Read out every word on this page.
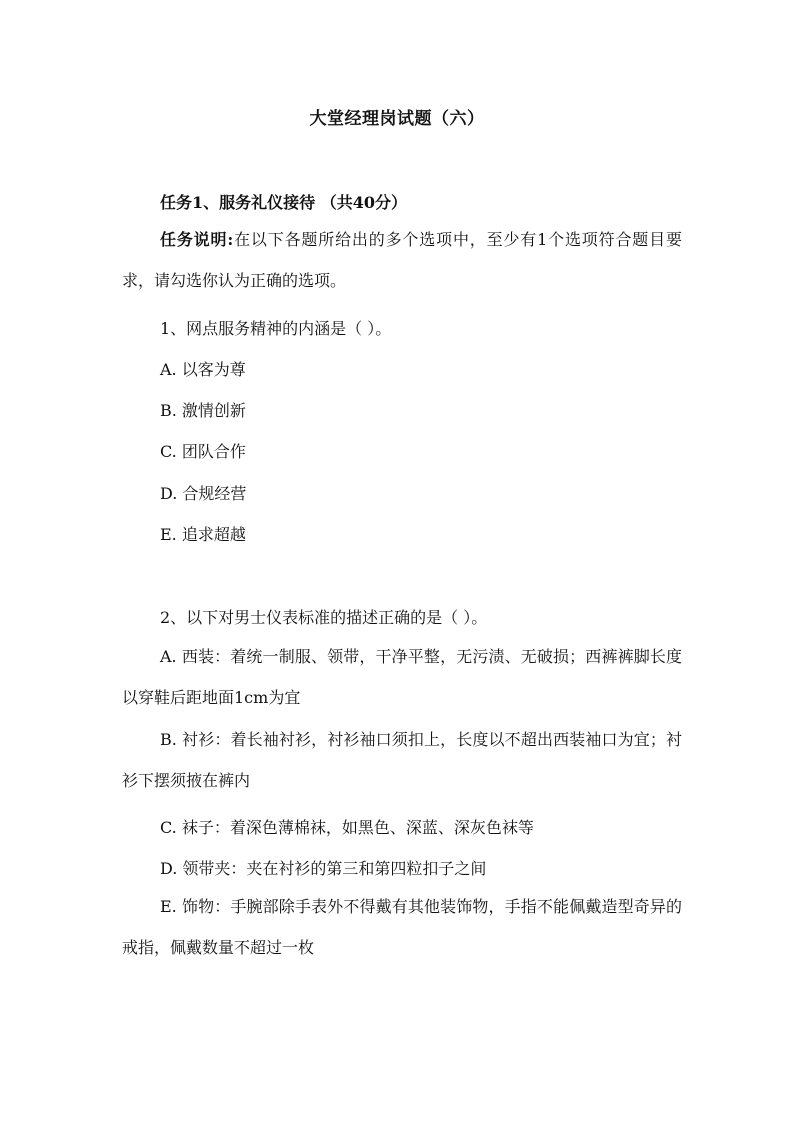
大堂经理岗试题（六）
任务1、服务礼仪接待 （共40分）
任务说明:在以下各题所给出的多个选项中，至少有1个选项符合题目要求，请勾选你认为正确的选项。
1、网点服务精神的内涵是（ ）。
A. 以客为尊
B. 激情创新
C. 团队合作
D. 合规经营
E. 追求超越
2、以下对男士仪表标准的描述正确的是（ ）。
A. 西装：着统一制服、领带，干净平整，无污渍、无破损；西裤裤脚长度以穿鞋后距地面1cm为宜
B. 衬衫：着长袖衬衫，衬衫袖口须扣上，长度以不超出西装袖口为宜；衬衫下摆须掖在裤内
C. 袜子：着深色薄棉袜，如黑色、深蓝、深灰色袜等
D. 领带夹：夹在衬衫的第三和第四粒扣子之间
E. 饰物：手腕部除手表外不得戴有其他装饰物，手指不能佩戴造型奇异的戒指，佩戴数量不超过一枚
